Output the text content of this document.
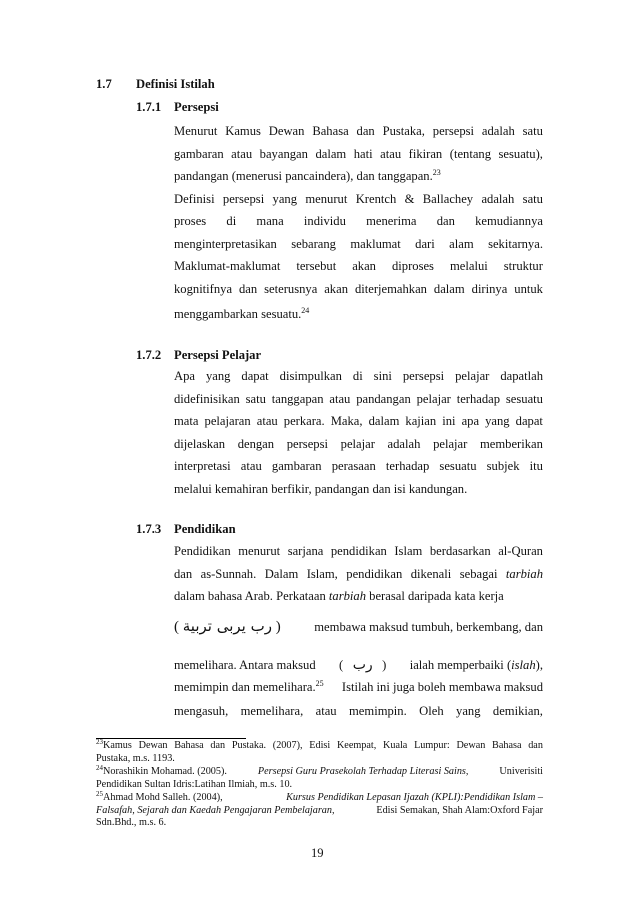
1.7 Definisi Istilah
1.7.1 Persepsi
Menurut Kamus Dewan Bahasa dan Pustaka, persepsi adalah satu
gambaran atau bayangan dalam hati atau fikiran (tentang sesuatu),
pandangan (menerusi pancaindera), dan tanggapan.$^{23}$
Definisi persepsi yang menurut Krentch & Ballachey adalah satu
proses di mana individu menerima dan kemudiannya
menginterpretasikan sebarang maklumat dari alam sekitarnya.
Maklumat-maklumat tersebut akan diproses melalui struktur
kognitifnya dan seterusnya akan diterjemahkan dalam dirinya untuk
menggambarkan sesuatu.$^{24}$
1.7.2 Persepsi Pelajar
Apa yang dapat disimpulkan di sini persepsi pelajar dapatlah
didefinisikan satu tanggapan atau pandangan pelajar terhadap sesuatu
mata pelajaran atau perkara. Maka, dalam kajian ini apa yang dapat
dijelaskan dengan persepsi pelajar adalah pelajar memberikan
interpretasi atau gambaran perasaan terhadap sesuatu subjek itu
melalui kemahiran berfikir, pandangan dan isi kandungan.
1.7.3 Pendidikan
Pendidikan menurut sarjana pendidikan Islam berdasarkan al-Quran
dan as-Sunnah. Dalam Islam, pendidikan dikenali sebagai tarbiah
dalam bahasa Arab. Perkataan tarbiah berasal daripada kata kerja
( رب يربى تربية )	membawa maksud tumbuh, berkembang, dan
memelihara. Antara maksud ( رب ) ialah memperbaiki (islah),
memimpin dan memelihara.$^{25}$ Istilah ini juga boleh membawa maksud
mengasuh, memelihara, atau memimpin. Oleh yang demikian,
$^{23}$Kamus Dewan Bahasa dan Pustaka. (2007), Edisi Keempat, Kuala Lumpur: Dewan Bahasa dan
Pustaka, m.s. 1193.
$^{24}$Norashikin Mohamad. (2005).	Persepsi Guru Prasekolah Terhadap Literasi Sains,	Univerisiti
Pendidikan Sultan Idris:Latihan Ilmiah, m.s. 10.
$^{25}$Ahmad Mohd Salleh. (2004),	Kursus Pendidikan Lepasan Ijazah (KPLI):Pendidikan Islam –
Falsafah, Sejarah dan Kaedah Pengajaran Pembelajaran,	Edisi Semakan, Shah Alam:Oxford Fajar
Sdn.Bhd., m.s. 6.
19
